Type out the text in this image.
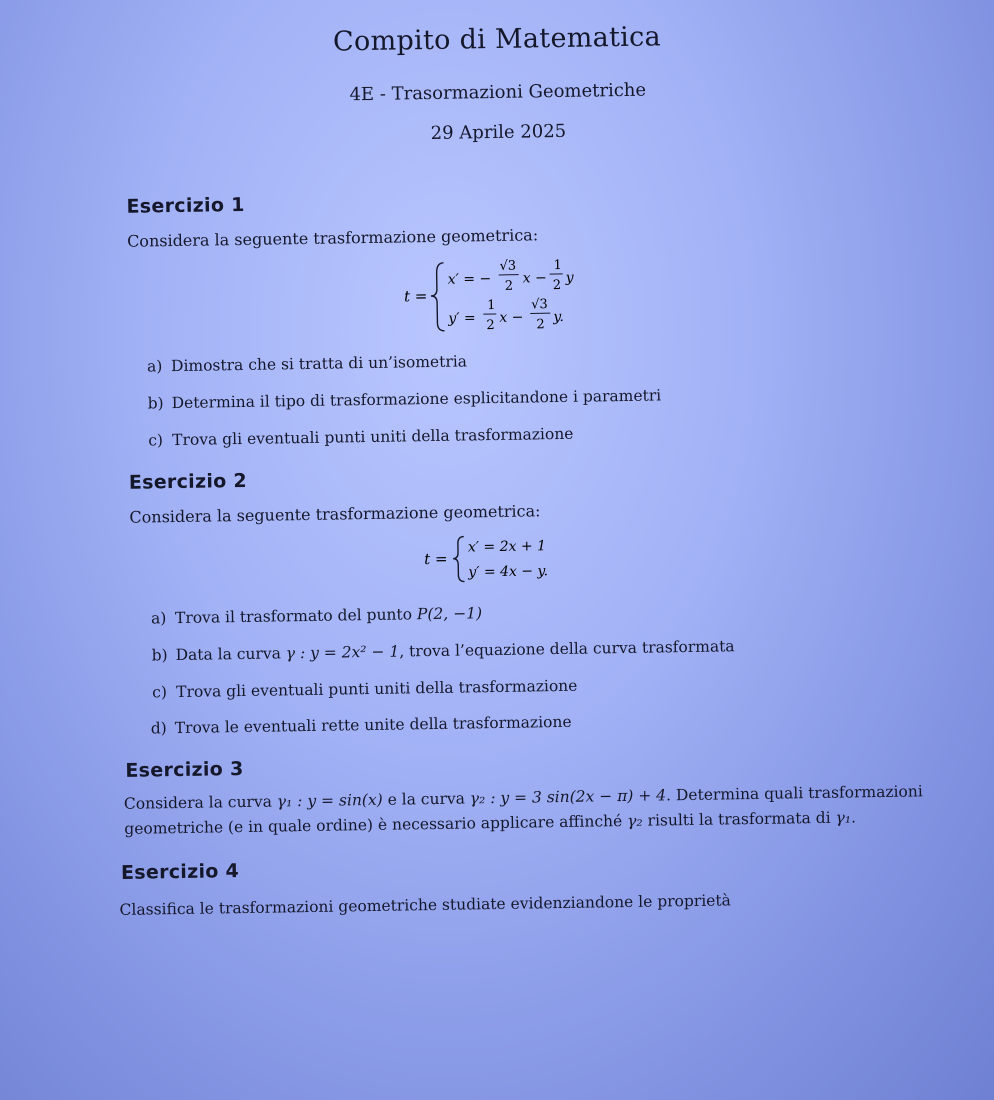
Compito di Matematica
4E - Trasormazioni Geometriche
29 Aprile 2025
Esercizio 1
Considera la seguente trasformazione geometrica:
t =
x′ = −
√3
2 x −
1
2 y
y′ =
1
2 x −
√3
2 y.
a) Dimostra che si tratta di un’isometria
b) Determina il tipo di trasformazione esplicitandone i parametri
c) Trova gli eventuali punti uniti della trasformazione
Esercizio 2
Considera la seguente trasformazione geometrica:
t =
x′ = 2x + 1
y′ = 4x − y.
a) Trova il trasformato del punto P(2, −1)
b) Data la curva γ : y = 2x² − 1, trova l’equazione della curva trasformata
c) Trova gli eventuali punti uniti della trasformazione
d) Trova le eventuali rette unite della trasformazione
Esercizio 3
Considera la curva γ₁ : y = sin(x) e la curva γ₂ : y = 3 sin(2x − π) + 4. Determina quali trasformazioni
geometriche (e in quale ordine) è necessario applicare affinché γ₂ risulti la trasformata di γ₁.
Esercizio 4
Classifica le trasformazioni geometriche studiate evidenziandone le proprietà
